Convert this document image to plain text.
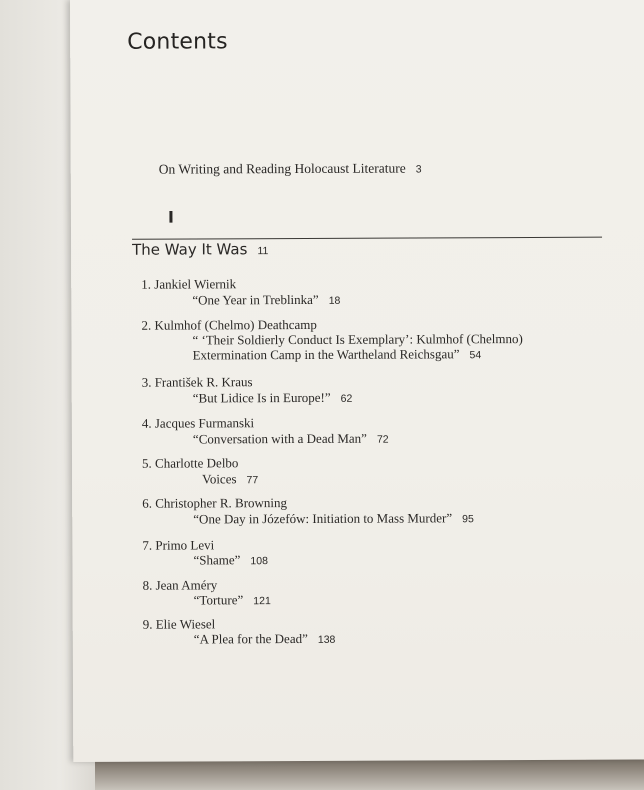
Contents
On Writing and Reading Holocaust Literature 3
I
The Way It Was 11
1. Jankiel Wiernik
“One Year in Treblinka” 18
2. Kulmhof (Chelmo) Deathcamp
“ ‘Their Soldierly Conduct Is Exemplary’: Kulmhof (Chelmno)
Extermination Camp in the Wartheland Reichsgau” 54
3. František R. Kraus
“But Lidice Is in Europe!” 62
4. Jacques Furmanski
“Conversation with a Dead Man” 72
5. Charlotte Delbo
Voices 77
6. Christopher R. Browning
“One Day in Józefów: Initiation to Mass Murder” 95
7. Primo Levi
“Shame” 108
8. Jean Améry
“Torture” 121
9. Elie Wiesel
“A Plea for the Dead” 138
